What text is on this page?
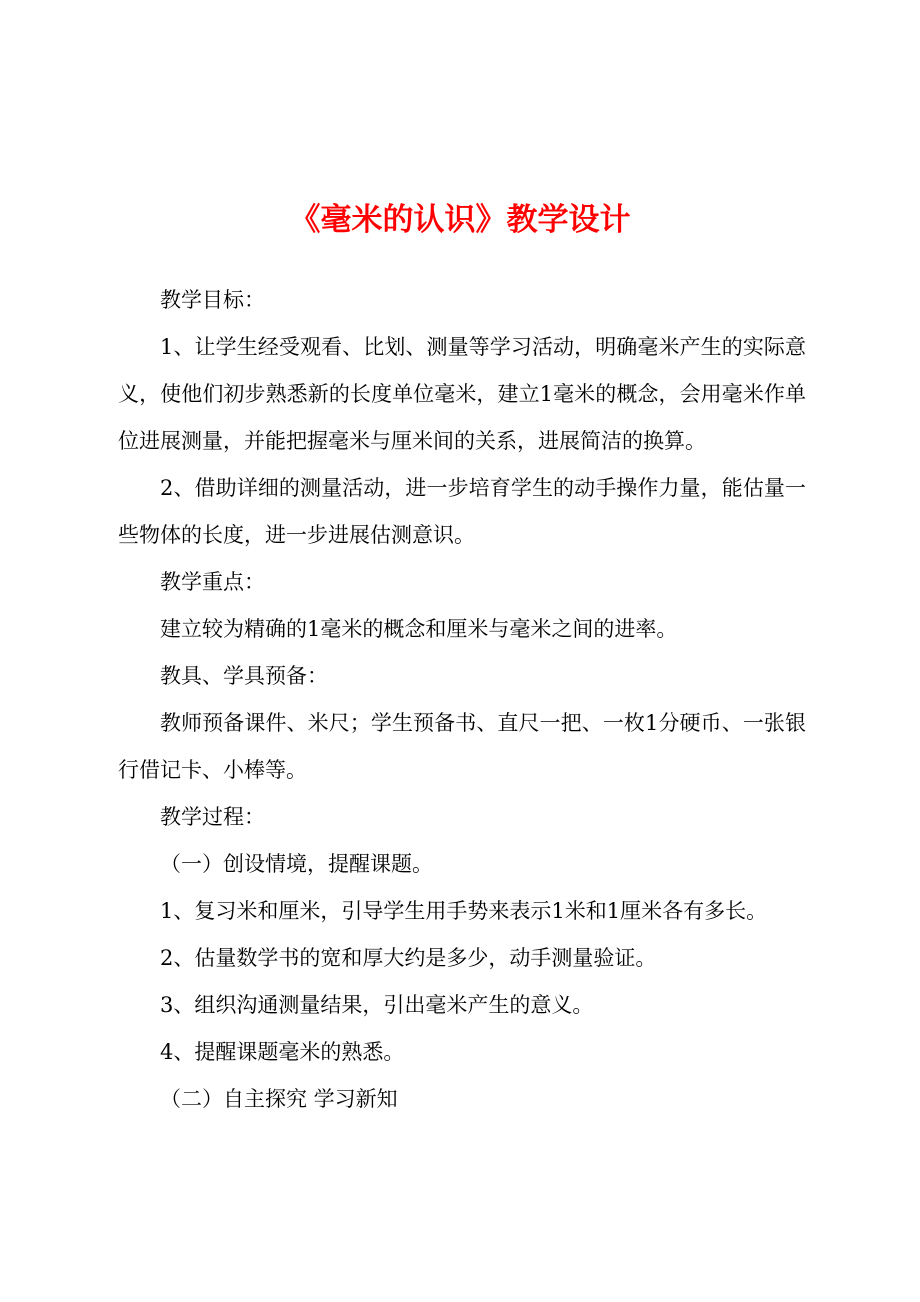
《毫米的认识》教学设计

教学目标：

1、让学生经受观看、比划、测量等学习活动，明确毫米产生的实际意义，使他们初步熟悉新的长度单位毫米，建立1毫米的概念，会用毫米作单位进展测量，并能把握毫米与厘米间的关系，进展简洁的换算。

2、借助详细的测量活动，进一步培育学生的动手操作力量，能估量一些物体的长度，进一步进展估测意识。

教学重点：

建立较为精确的1毫米的概念和厘米与毫米之间的进率。

教具、学具预备：

教师预备课件、米尺；学生预备书、直尺一把、一枚1分硬币、一张银行借记卡、小棒等。

教学过程：

（一）创设情境，提醒课题。

1、复习米和厘米，引导学生用手势来表示1米和1厘米各有多长。

2、估量数学书的宽和厚大约是多少，动手测量验证。

3、组织沟通测量结果，引出毫米产生的意义。

4、提醒课题毫米的熟悉。

（二）自主探究 学习新知
